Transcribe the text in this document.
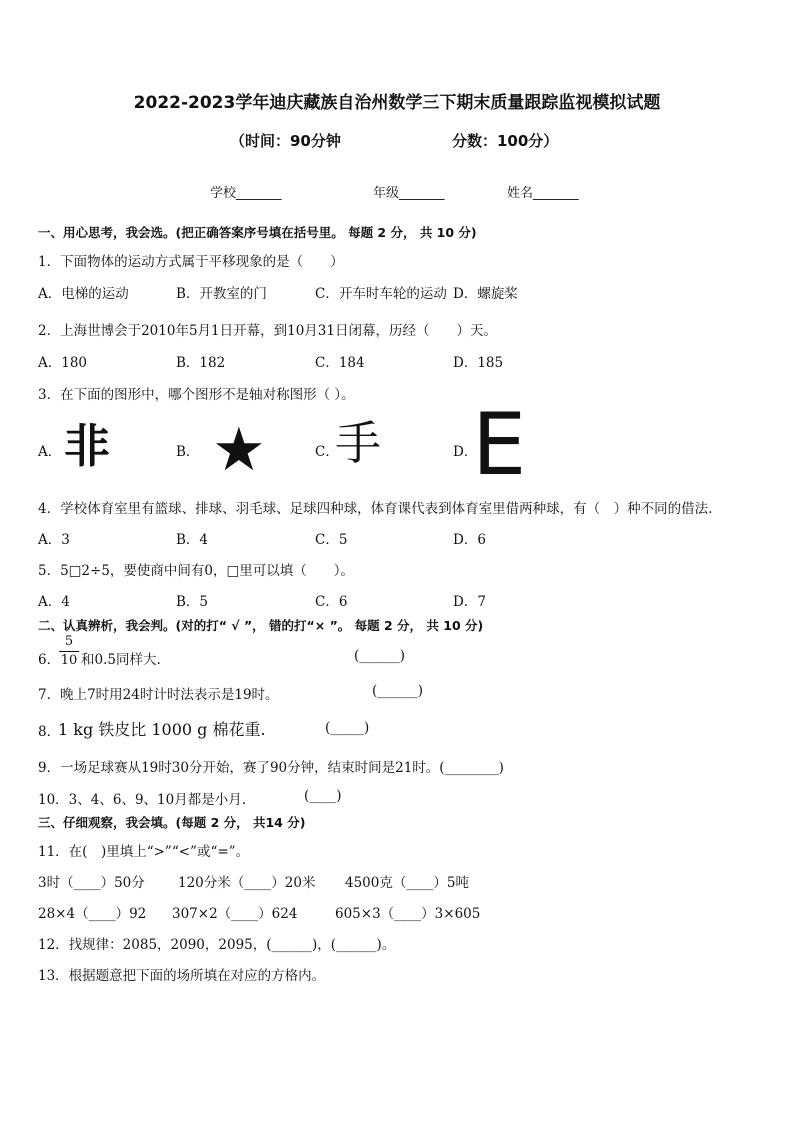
2022-2023学年迪庆藏族自治州数学三下期末质量跟踪监视模拟试题
（时间：90分钟	分数：100分）
学校_______	年级_______	姓名_______
一、用心思考，我会选。(把正确答案序号填在括号里。 每题 2 分， 共 10 分)
1．下面物体的运动方式属于平移现象的是（　　）
A．电梯的运动	B．开教室的门	C．开车时车轮的运动 D．螺旋桨
2．上海世博会于2010年5月1日开幕，到10月31日闭幕，历经（　　）天。
A．180	B．182	C．184	D．185
3．在下面的图形中，哪个图形不是轴对称图形（ ）。
A． 非	B． ★	C．
手	D．
E
4．学校体育室里有篮球、排球、羽毛球、足球四种球，体育课代表到体育室里借两种球，有（　）种不同的借法.
A．3	B．4	C．5	D．6
5．5□2÷5，要使商中间有0，□里可以填（　　）。
A．4	B．5	C．6	D．7
二、认真辨析，我会判。(对的打“ √ ”， 错的打“× ”。 每题 2 分， 共 10 分)
6．
5
10 和0.5同样大.	(______)
7．晚上7时用24时计时法表示是19时。	(______)
8．
1 kg 铁皮比 1000 g 棉花重.	(_____)
9．一场足球赛从19时30分开始，赛了90分钟，结束时间是21时。(________)
10．3、4、6、9、10月都是小月.	(____)
三、仔细观察，我会填。(每题 2 分， 共14 分)
11．在(　)里填上“>”“<”或“=”。
3时（____）50分 120分米（____）20米 4500克（____）5吨
28×4（____）92 307×2（____）624	605×3（____）3×605
12．找规律：2085，2090，2095，(______)，(______)。
13．根据题意把下面的场所填在对应的方格内。
